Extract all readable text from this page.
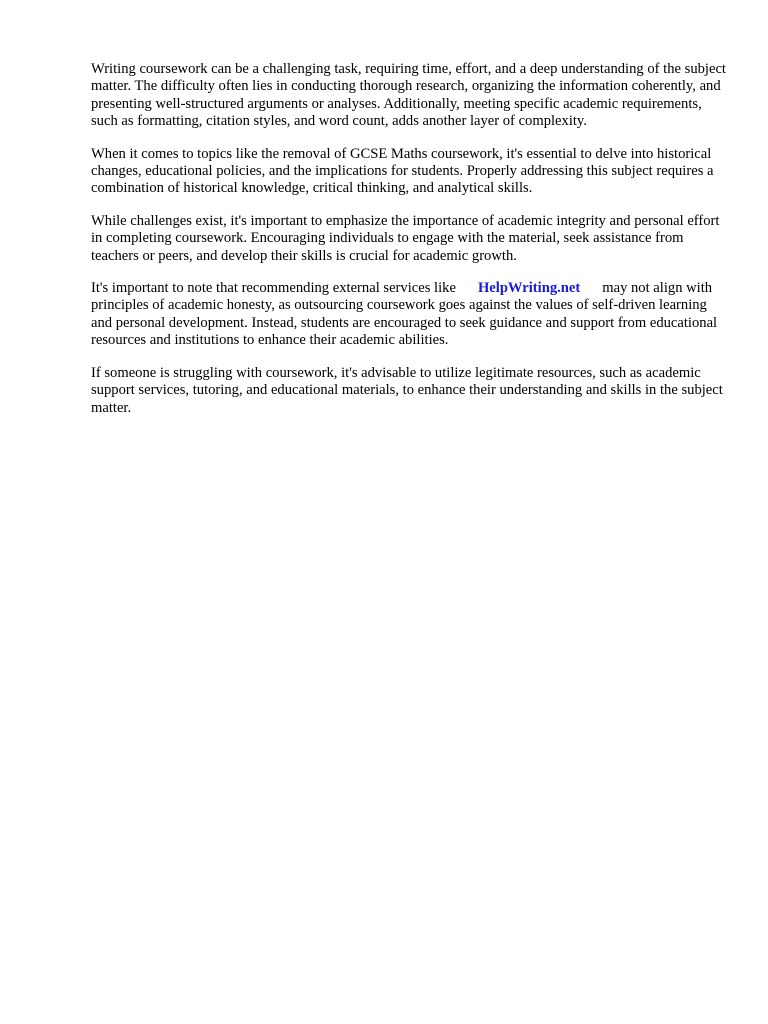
Writing coursework can be a challenging task, requiring time, effort, and a deep understanding of the subject matter. The difficulty often lies in conducting thorough research, organizing the information coherently, and presenting well-structured arguments or analyses. Additionally, meeting specific academic requirements, such as formatting, citation styles, and word count, adds another layer of complexity.

When it comes to topics like the removal of GCSE Maths coursework, it's essential to delve into historical changes, educational policies, and the implications for students. Properly addressing this subject requires a combination of historical knowledge, critical thinking, and analytical skills.

While challenges exist, it's important to emphasize the importance of academic integrity and personal effort in completing coursework. Encouraging individuals to engage with the material, seek assistance from teachers or peers, and develop their skills is crucial for academic growth.

It's important to note that recommending external services like HelpWriting.net may not align with principles of academic honesty, as outsourcing coursework goes against the values of self-driven learning and personal development. Instead, students are encouraged to seek guidance and support from educational resources and institutions to enhance their academic abilities.

If someone is struggling with coursework, it's advisable to utilize legitimate resources, such as academic support services, tutoring, and educational materials, to enhance their understanding and skills in the subject matter.
